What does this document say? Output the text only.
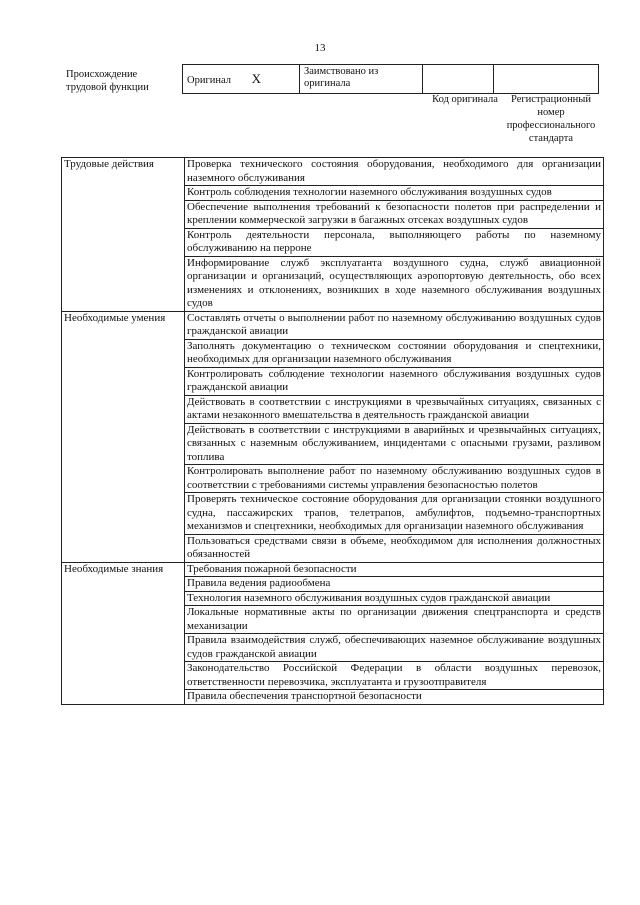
13
Происхождение трудовой функции
Оригинал X	Заимствовано из оригинала		
Код оригинала	Регистрационный номер профессионального стандарта
Трудовые действия	Проверка технического состояния оборудования, необходимого для организации наземного обслуживания
	Контроль соблюдения технологии наземного обслуживания воздушных судов
	Обеспечение выполнения требований к безопасности полетов при распределении и креплении коммерческой загрузки в багажных отсеках воздушных судов
	Контроль деятельности персонала, выполняющего работы по наземному обслуживанию на перроне
	Информирование служб эксплуатанта воздушного судна, служб авиационной организации и организаций, осуществляющих аэропортовую деятельность, обо всех изменениях и отклонениях, возникших в ходе наземного обслуживания воздушных судов
Необходимые умения	Составлять отчеты о выполнении работ по наземному обслуживанию воздушных судов гражданской авиации
	Заполнять документацию о техническом состоянии оборудования и спецтехники, необходимых для организации наземного обслуживания
	Контролировать соблюдение технологии наземного обслуживания воздушных судов гражданской авиации
	Действовать в соответствии с инструкциями в чрезвычайных ситуациях, связанных с актами незаконного вмешательства в деятельность гражданской авиации
	Действовать в соответствии с инструкциями в аварийных и чрезвычайных ситуациях, связанных с наземным обслуживанием, инцидентами с опасными грузами, разливом топлива
	Контролировать выполнение работ по наземному обслуживанию воздушных судов в соответствии с требованиями системы управления безопасностью полетов
	Проверять техническое состояние оборудования для организации стоянки воздушного судна, пассажирских трапов, телетрапов, амбулифтов, подъемно-транспортных механизмов и спецтехники, необходимых для организации наземного обслуживания
	Пользоваться средствами связи в объеме, необходимом для исполнения должностных обязанностей
Необходимые знания	Требования пожарной безопасности
	Правила ведения радиообмена
	Технология наземного обслуживания воздушных судов гражданской авиации
	Локальные нормативные акты по организации движения спецтранспорта и средств механизации
	Правила взаимодействия служб, обеспечивающих наземное обслуживание воздушных судов гражданской авиации
	Законодательство Российской Федерации в области воздушных перевозок, ответственности перевозчика, эксплуатанта и грузоотправителя
	Правила обеспечения транспортной безопасности
